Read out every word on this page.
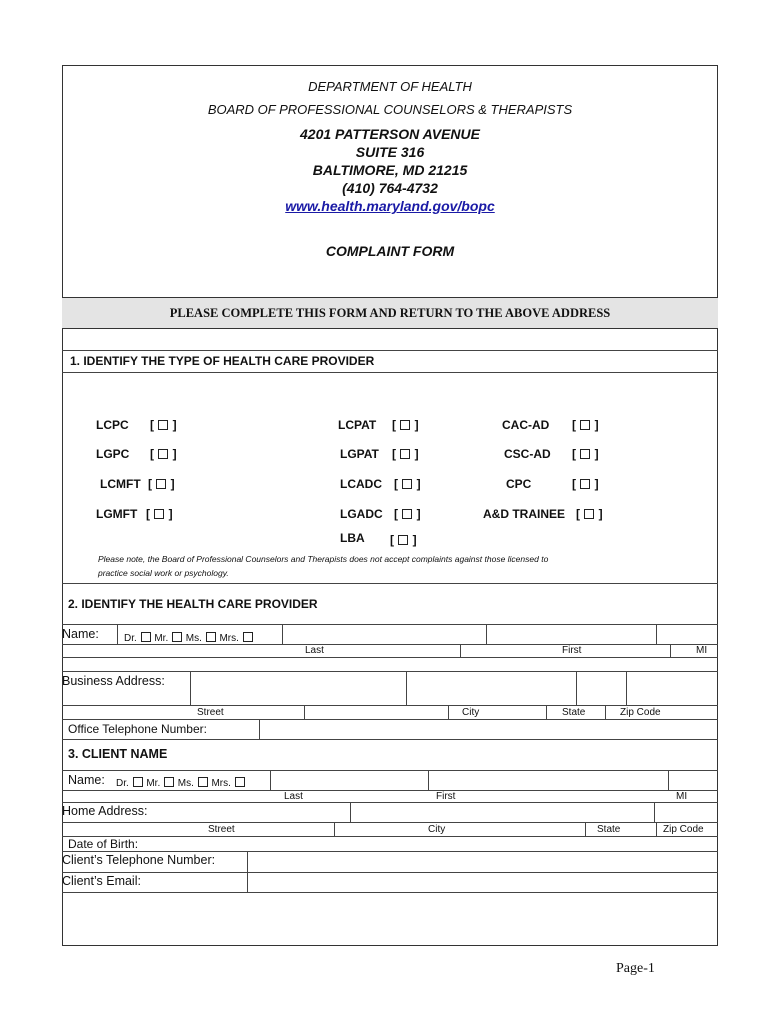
DEPARTMENT OF HEALTH
BOARD OF PROFESSIONAL COUNSELORS & THERAPISTS
4201 PATTERSON AVENUE
SUITE 316
BALTIMORE, MD 21215
(410) 764-4732
www.health.maryland.gov/bopc
COMPLAINT FORM
PLEASE COMPLETE THIS FORM AND RETURN TO THE ABOVE ADDRESS
1. IDENTIFY THE TYPE OF HEALTH CARE PROVIDER
LCPC [  ]	LCPAT [  ]	CAC-AD [  ]
LGPC [  ]	LGPAT [  ]	CSC-AD [  ]
LCMFT [  ]	LCADC [  ]	CPC	[  ]
LGMFT [  ]	LGADC [  ]	A&D TRAINEE [  ]
LBA [  ]
Please note, the Board of Professional Counselors and Therapists does not accept complaints against those licensed to
practice social work or psychology.
2. IDENTIFY THE HEALTH CARE PROVIDER
Name:	Dr. Mr. Ms. Mrs.
Last	First	MI
Business Address:
Street	City	State	Zip Code
Office Telephone Number:
3. CLIENT NAME
Name: Dr. Mr. Ms. Mrs.
Last	First	MI
Home Address:
Street	City	State	Zip Code
Date of Birth:
Client’s Telephone Number:
Client’s Email:
Page-1
